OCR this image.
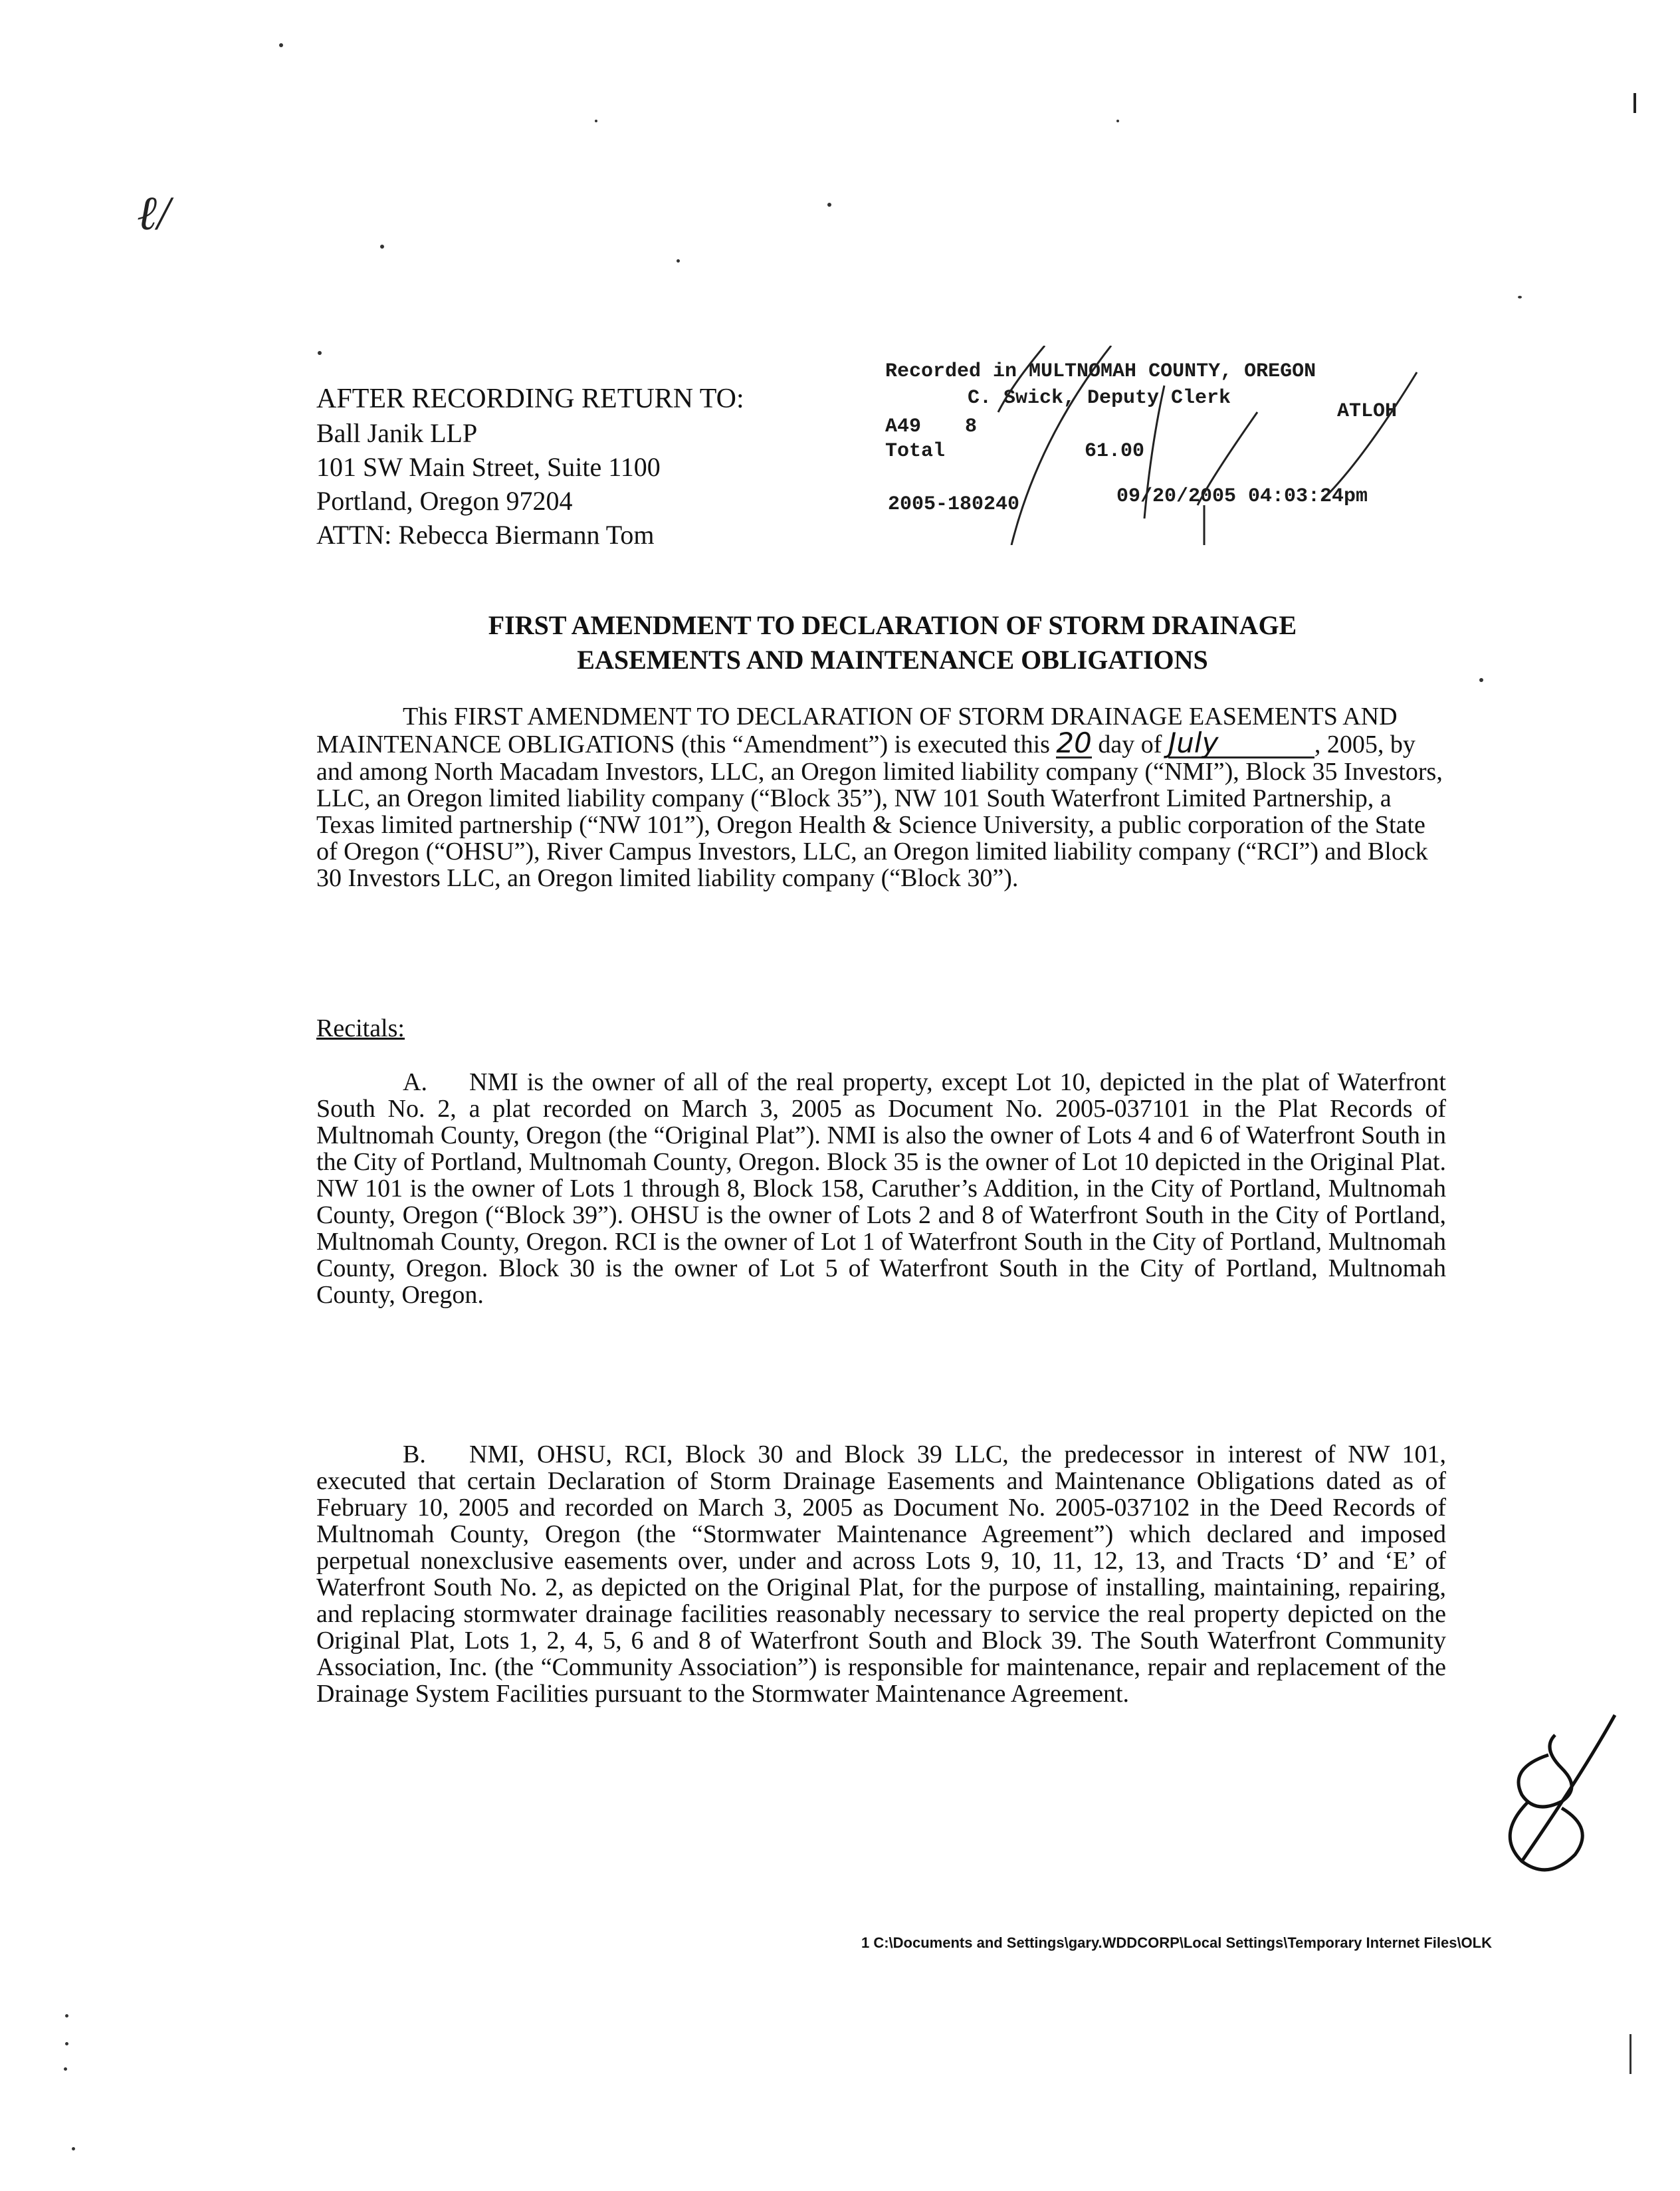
ℓ/
AFTER RECORDING RETURN TO:
Ball Janik LLP
101 SW Main Street, Suite 1100
Portland, Oregon 97204
ATTN: Rebecca Biermann Tom
Recorded in MULTNOMAH COUNTY, OREGON
C. Swick, Deputy Clerk
ATLOH
A49 8
Total	61.00
2005-180240	09/20/2005 04:03:24pm
FIRST AMENDMENT TO DECLARATION OF STORM DRAINAGE
EASEMENTS AND MAINTENANCE OBLIGATIONS
This FIRST AMENDMENT TO DECLARATION OF STORM DRAINAGE EASEMENTS AND MAINTENANCE OBLIGATIONS (this “Amendment”) is executed this 20 day of July	, 2005, by and among North Macadam Investors, LLC, an Oregon limited liability company (“NMI”), Block 35 Investors, LLC, an Oregon limited liability company (“Block 35”), NW 101 South Waterfront Limited Partnership, a Texas limited partnership (“NW 101”), Oregon Health & Science University, a public corporation of the State of Oregon (“OHSU”), River Campus Investors, LLC, an Oregon limited liability company (“RCI”) and Block 30 Investors LLC, an Oregon limited liability company (“Block 30”).
Recitals:
A. NMI is the owner of all of the real property, except Lot 10, depicted in the plat of Waterfront South No. 2, a plat recorded on March 3, 2005 as Document No. 2005-037101 in the Plat Records of Multnomah County, Oregon (the “Original Plat”). NMI is also the owner of Lots 4 and 6 of Waterfront South in the City of Portland, Multnomah County, Oregon. Block 35 is the owner of Lot 10 depicted in the Original Plat. NW 101 is the owner of Lots 1 through 8, Block 158, Caruther’s Addition, in the City of Portland, Multnomah County, Oregon (“Block 39”). OHSU is the owner of Lots 2 and 8 of Waterfront South in the City of Portland, Multnomah County, Oregon. RCI is the owner of Lot 1 of Waterfront South in the City of Portland, Multnomah County, Oregon. Block 30 is the owner of Lot 5 of Waterfront South in the City of Portland, Multnomah County, Oregon.
B. NMI, OHSU, RCI, Block 30 and Block 39 LLC, the predecessor in interest of NW 101, executed that certain Declaration of Storm Drainage Easements and Maintenance Obligations dated as of February 10, 2005 and recorded on March 3, 2005 as Document No. 2005-037102 in the Deed Records of Multnomah County, Oregon (the “Stormwater Maintenance Agreement”) which declared and imposed perpetual nonexclusive easements over, under and across Lots 9, 10, 11, 12, 13, and Tracts ‘D’ and ‘E’ of Waterfront South No. 2, as depicted on the Original Plat, for the purpose of installing, maintaining, repairing, and replacing stormwater drainage facilities reasonably necessary to service the real property depicted on the Original Plat, Lots 1, 2, 4, 5, 6 and 8 of Waterfront South and Block 39. The South Waterfront Community Association, Inc. (the “Community Association”) is responsible for maintenance, repair and replacement of the Drainage System Facilities pursuant to the Stormwater Maintenance Agreement.
1 C:\Documents and Settings\gary.WDDCORP\Local Settings\Temporary Internet Files\OLK
